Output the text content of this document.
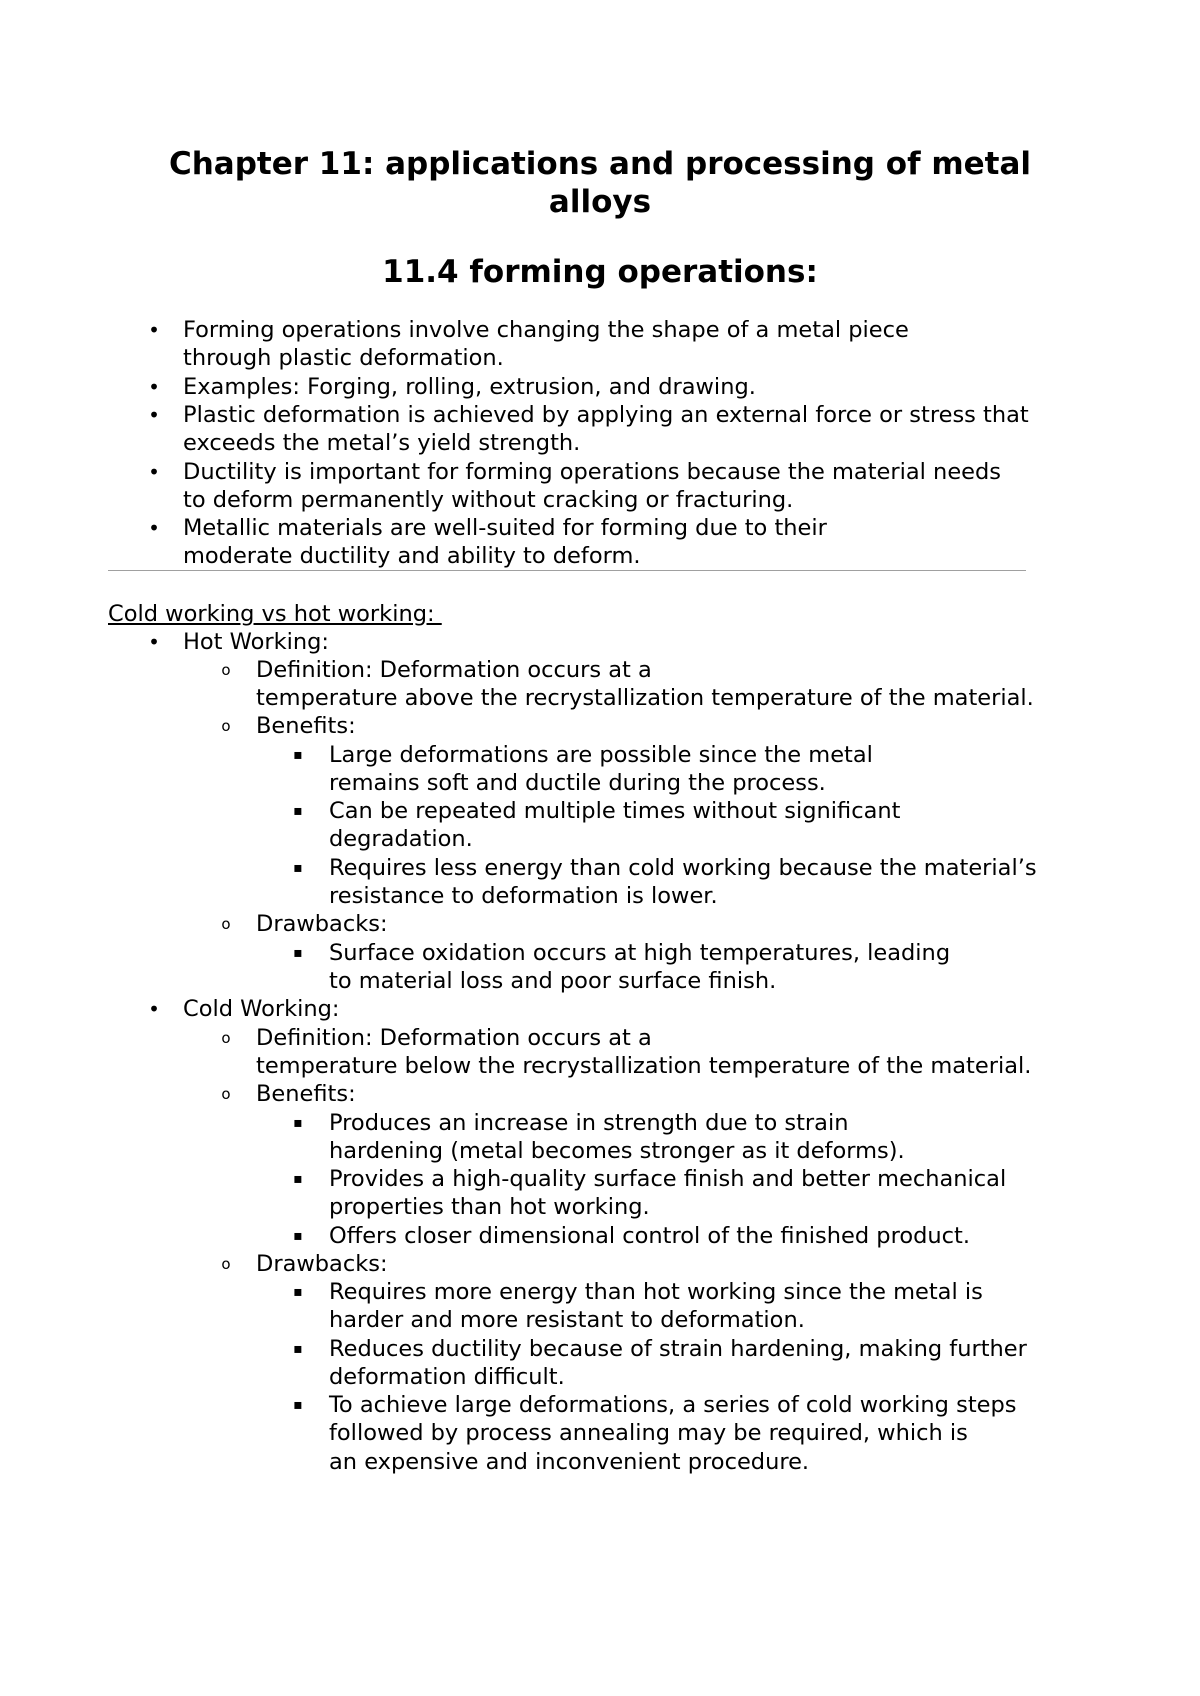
Chapter 11: applications and processing of metal
alloys
11.4 forming operations:
• Forming operations involve changing the shape of a metal piece
through plastic deformation.
• Examples: Forging, rolling, extrusion, and drawing.
• Plastic deformation is achieved by applying an external force or stress that
exceeds the metal’s yield strength.
• Ductility is important for forming operations because the material needs
to deform permanently without cracking or fracturing.
• Metallic materials are well-suited for forming due to their
moderate ductility and ability to deform.
Cold working vs hot working:
• Hot Working:
o Definition: Deformation occurs at a
temperature above the recrystallization temperature of the material.
o Benefits:
▪ Large deformations are possible since the metal
remains soft and ductile during the process.
▪ Can be repeated multiple times without significant
degradation.
▪ Requires less energy than cold working because the material’s
resistance to deformation is lower.
o Drawbacks:
▪ Surface oxidation occurs at high temperatures, leading
to material loss and poor surface finish.
• Cold Working:
o Definition: Deformation occurs at a
temperature below the recrystallization temperature of the material.
o Benefits:
▪ Produces an increase in strength due to strain
hardening (metal becomes stronger as it deforms).
▪ Provides a high-quality surface finish and better mechanical
properties than hot working.
▪ Offers closer dimensional control of the finished product.
o Drawbacks:
▪ Requires more energy than hot working since the metal is
harder and more resistant to deformation.
▪ Reduces ductility because of strain hardening, making further
deformation difficult.
▪ To achieve large deformations, a series of cold working steps
followed by process annealing may be required, which is
an expensive and inconvenient procedure.
